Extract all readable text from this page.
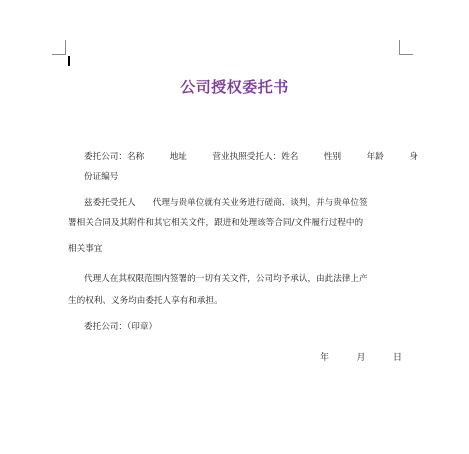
公司授权委托书
委托公司：名称	地址	营业执照受托人：姓名	性别	年龄	身
份证编号
兹委托受托人　　代理与贵单位就有关业务进行磋商、谈判，并与贵单位签
署相关合同及其附件和其它相关文件，跟进和处理该等合同/文件履行过程中的
相关事宜
代理人在其权限范围内签署的一切有关文件，公司均予承认，由此法律上产
生的权利、义务均由委托人享有和承担。
委托公司：（印章）
年	月	日
